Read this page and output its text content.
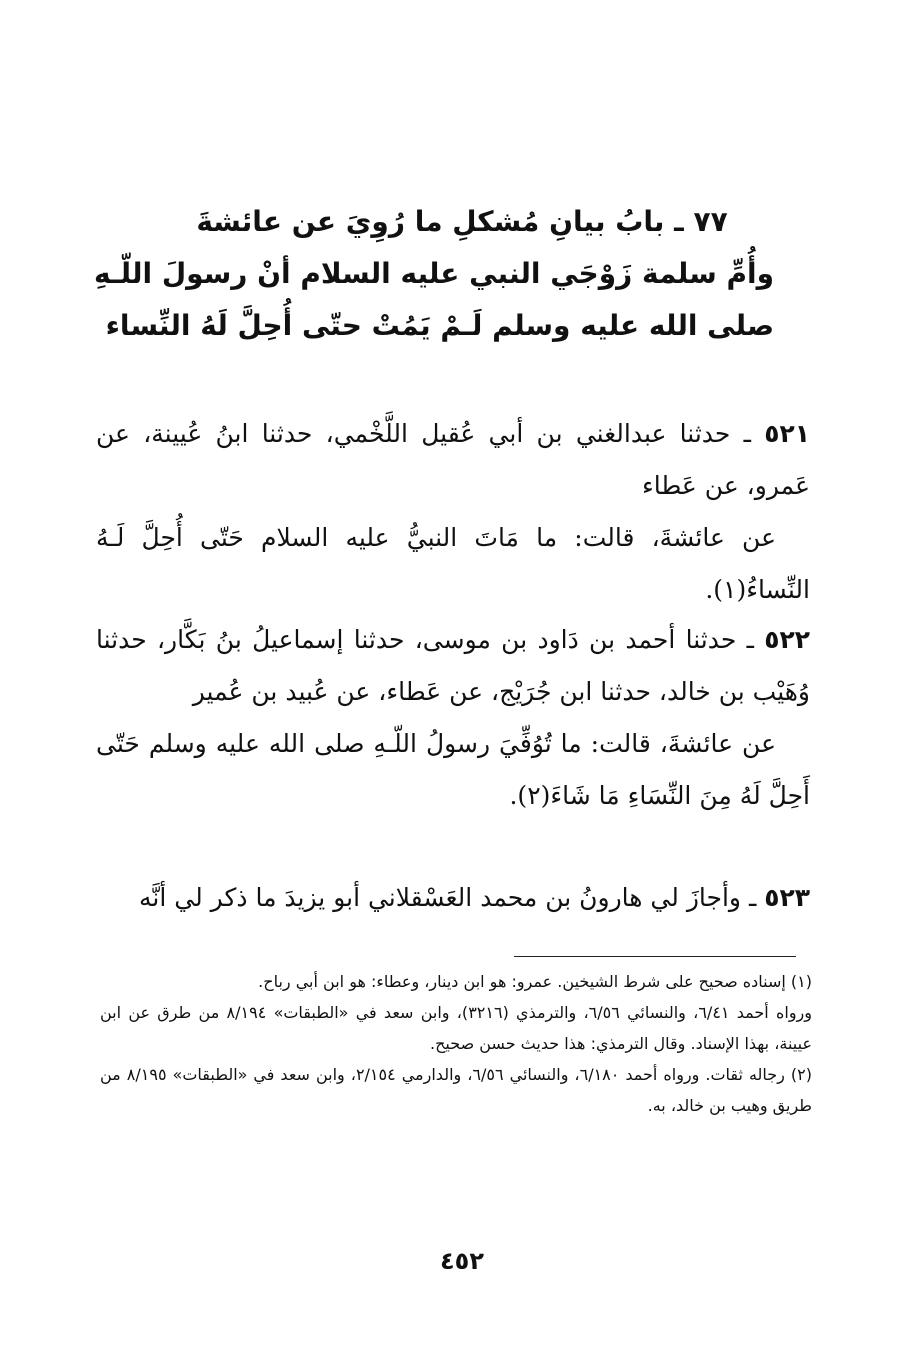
٧٧ ـ بابُ بيانِ مُشكلِ ما رُوِيَ عن عائشةَ
وأُمِّ سلمة زَوْجَي النبي عليه السلام أنْ رسولَ اللّـهِ
صلى الله عليه وسلم لَـمْ يَمُتْ حتّى أُحِلَّ لَهُ النِّساء
٥٢١ ـ حدثنا عبدالغني بن أبي عُقيل اللَّخْمي، حدثنا ابنُ عُيينة، عن عَمرو، عن عَطاء
عن عائشةَ، قالت: ما مَاتَ النبيُّ عليه السلام حَتّى أُحِلَّ لَـهُ النِّساءُ(١).
٥٢٢ ـ حدثنا أحمد بن دَاود بن موسى، حدثنا إسماعيلُ بنُ بَكَّار، حدثنا وُهَيْب بن خالد، حدثنا ابن جُرَيْج، عن عَطاء، عن عُبيد بن عُمير
عن عائشةَ، قالت: ما تُوُفِّيَ رسولُ اللّـهِ صلى الله عليه وسلم حَتّى أَحِلَّ لَهُ مِنَ النِّسَاءِ مَا شَاءَ(٢).
٥٢٣ ـ وأجازَ لي هارونُ بن محمد العَسْقلاني أبو يزيدَ ما ذكر لي أنَّه

(١) إسناده صحيح على شرط الشيخين. عمرو: هو ابن دينار، وعطاء: هو ابن أبي رباح.

ورواه أحمد ٦/٤١، والنسائي ٦/٥٦، والترمذي (٣٢١٦)، وابن سعد في «الطبقات» ٨/١٩٤ من طرق عن ابن عيينة، بهذا الإسناد. وقال الترمذي: هذا حديث حسن صحيح.

(٢) رجاله ثقات. ورواه أحمد ٦/١٨٠، والنسائي ٦/٥٦، والدارمي ٢/١٥٤، وابن سعد في «الطبقات» ٨/١٩٥ من طريق وهيب بن خالد، به.

٤٥٢
